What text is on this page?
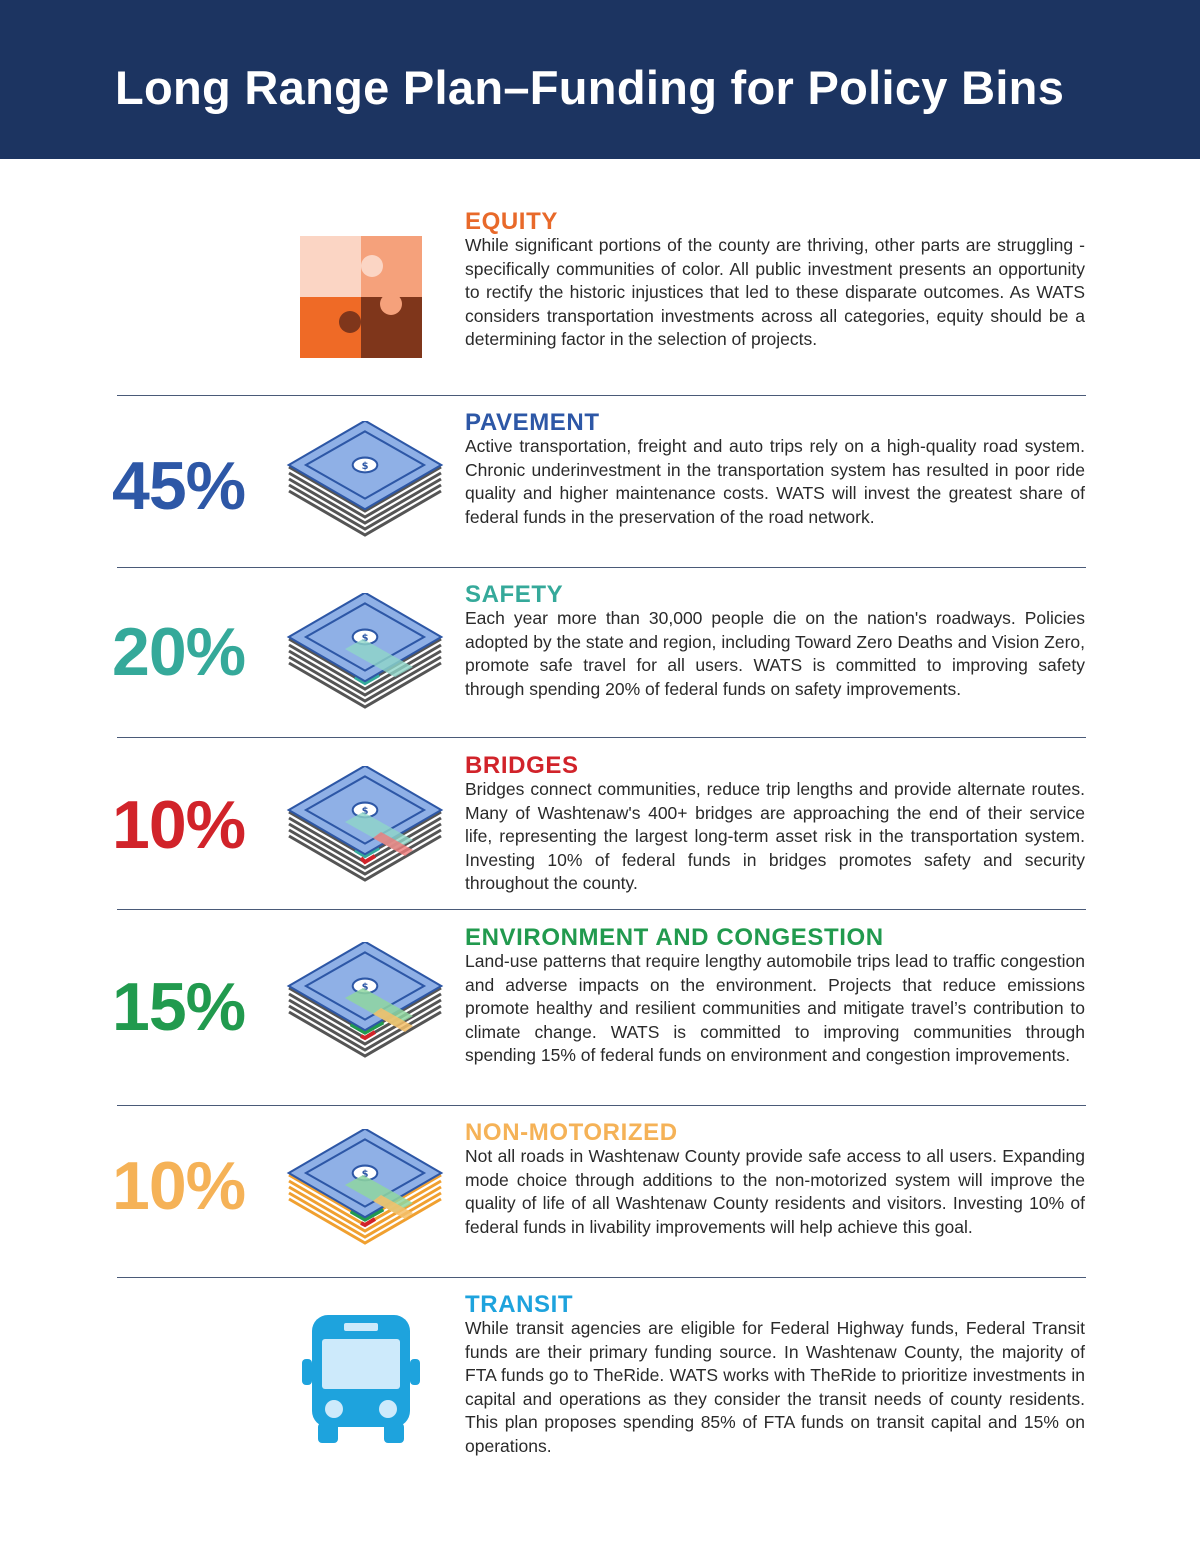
Long Range Plan–Funding for Policy Bins
EQUITY
While significant portions of the county are thriving, other parts are struggling - specifically communities of color. All public investment presents an opportunity to rectify the historic injustices that led to these disparate outcomes. As WATS considers transportation investments across all categories, equity should be a determining factor in the selection of projects.
PAVEMENT
Active transportation, freight and auto trips rely on a high-quality road system. Chronic underinvestment in the transportation system has resulted in poor ride quality and higher maintenance costs. WATS will invest the greatest share of federal funds in the preservation of the road network.
45%
SAFETY
Each year more than 30,000 people die on the nation's roadways. Policies adopted by the state and region, including Toward Zero Deaths and Vision Zero, promote safe travel for all users. WATS is committed to improving safety through spending 20% of federal funds on safety improvements.
20%
BRIDGES
Bridges connect communities, reduce trip lengths and provide alternate routes. Many of Washtenaw's 400+ bridges are approaching the end of their service life, representing the largest long-term asset risk in the transportation system. Investing 10% of federal funds in bridges promotes safety and security throughout the county.
10%
ENVIRONMENT AND CONGESTION
Land-use patterns that require lengthy automobile trips lead to traffic congestion and adverse impacts on the environment. Projects that reduce emissions promote healthy and resilient communities and mitigate travel’s contribution to climate change. WATS is committed to improving communities through spending 15% of federal funds on environment and congestion improvements.
15%
NON-MOTORIZED
Not all roads in Washtenaw County provide safe access to all users. Expanding mode choice through additions to the non-motorized system will improve the quality of life of all Washtenaw County residents and visitors. Investing 10% of federal funds in livability improvements will help achieve this goal.
10%
TRANSIT
While transit agencies are eligible for Federal Highway funds, Federal Transit funds are their primary funding source. In Washtenaw County, the majority of FTA funds go to TheRide. WATS works with TheRide to prioritize investments in capital and operations as they consider the transit needs of county residents. This plan proposes spending 85% of FTA funds on transit capital and 15% on operations.
